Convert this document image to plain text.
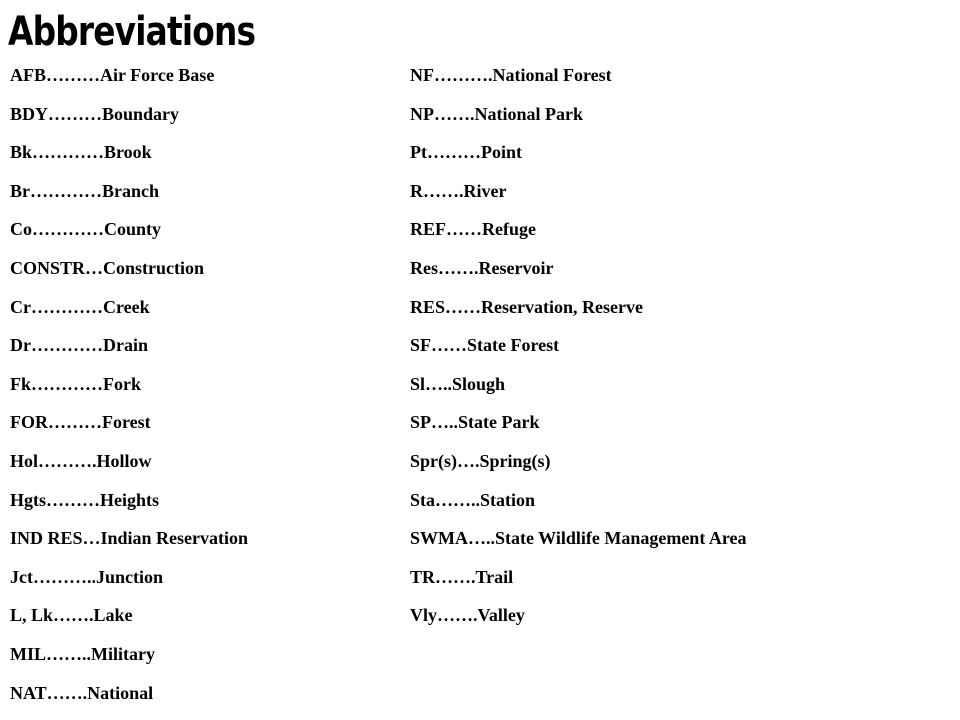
Abbreviations
AFB………Air Force Base
BDY………Boundary
Bk…………Brook
Br…………Branch
Co…………County
CONSTR…Construction
Cr…………Creek
Dr…………Drain
Fk…………Fork
FOR………Forest
Hol……….Hollow
Hgts………Heights
IND RES…Indian Reservation
Jct………..Junction
L, Lk…….Lake
MIL……..Military
NAT…….National
NF……….National Forest
NP…….National Park
Pt………Point
R…….River
REF……Refuge
Res…….Reservoir
RES……Reservation, Reserve
SF……State Forest
Sl…..Slough
SP…..State Park
Spr(s)….Spring(s)
Sta……..Station
SWMA…..State Wildlife Management Area
TR…….Trail
Vly…….Valley
